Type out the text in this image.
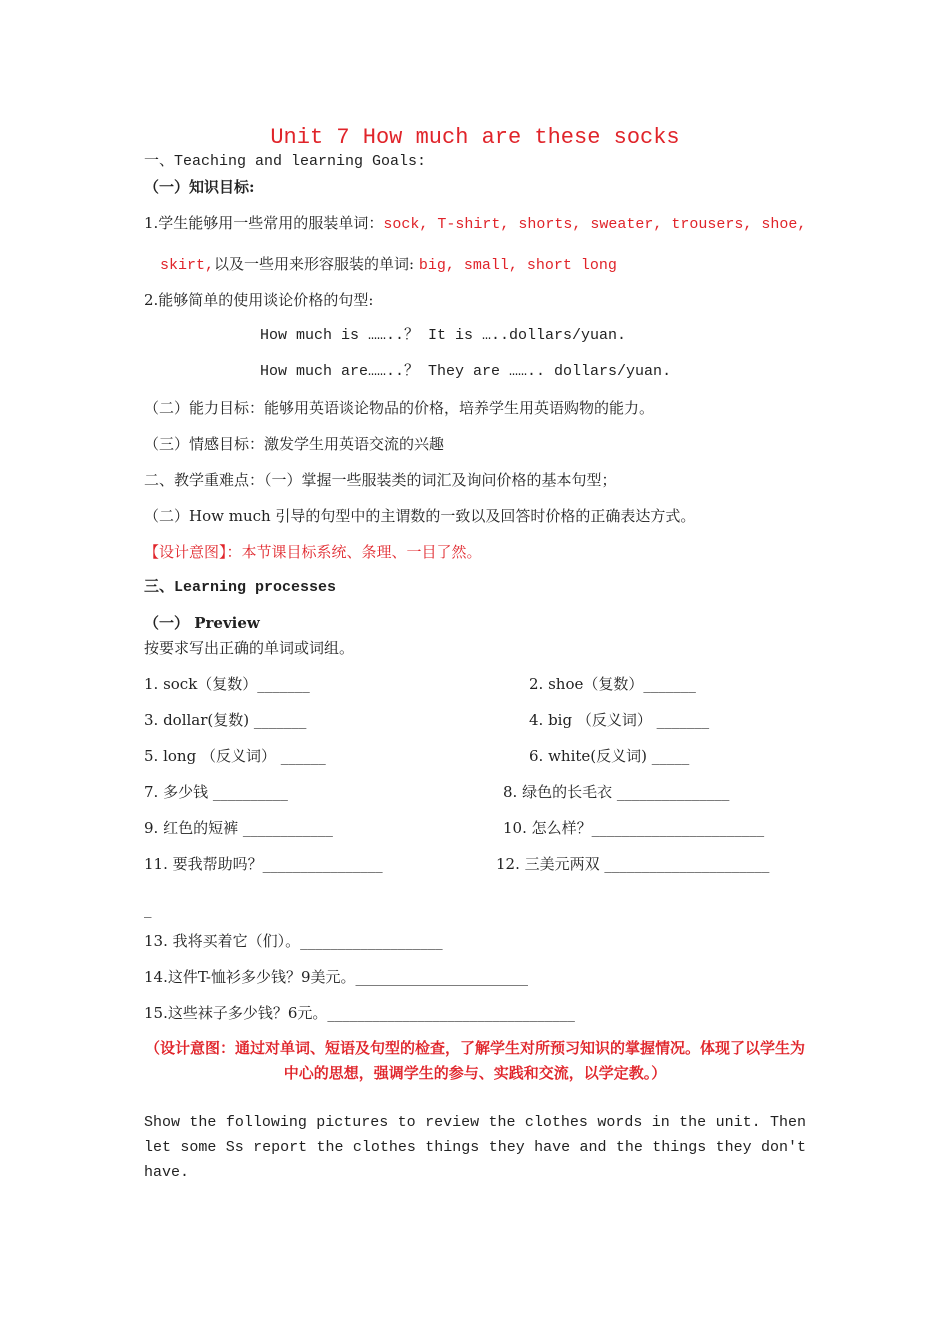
Unit 7 How much are these socks
一、Teaching and learning Goals:
（一）知识目标:
1.学生能够用一些常用的服装单词：sock, T-shirt, shorts, sweater, trousers, shoe,
skirt,以及一些用来形容服装的单词: big, small, short long
2.能够简单的使用谈论价格的句型:
How much is ……..？ It is …..dollars/yuan.
How much are……..？ They are …….. dollars/yuan.
（二）能力目标：能够用英语谈论物品的价格，培养学生用英语购物的能力。
（三）情感目标：激发学生用英语交流的兴趣
二、教学重难点：（一）掌握一些服装类的词汇及询问价格的基本句型；
（二）How much 引导的句型中的主谓数的一致以及回答时价格的正确表达方式。
【设计意图】：本节课目标系统、条理、一目了然。
三、Learning processes
（一） Preview
按要求写出正确的单词或词组。
1. sock（复数）_______	2. shoe（复数）_______
3. dollar(复数) _______	4. big （反义词） _______
5. long （反义词） ______	6. white(反义词) _____
7. 多少钱 __________	8. 绿色的长毛衣 _______________
9. 红色的短裤 ____________	10. 怎么样？_______________________
11. 要我帮助吗？________________	12. 三美元两双 ______________________
_
13. 我将买着它（们）。___________________
14.这件T-恤衫多少钱？9美元。_______________________
15.这些袜子多少钱？6元。_________________________________
（设计意图：通过对单词、短语及句型的检查，了解学生对所预习知识的掌握情况。体现了以学生为中心的思想，强调学生的参与、实践和交流，以学定教。）
Show the following pictures to review the clothes words in the unit. Then let some Ss report the clothes things they have and the things they don't have.
